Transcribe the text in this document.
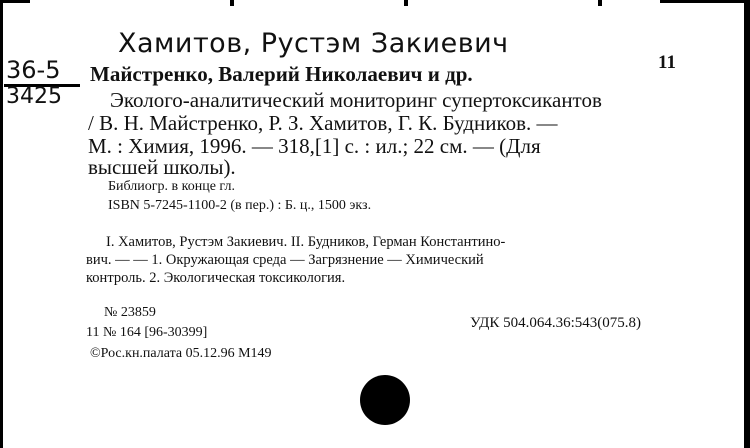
Хамитов, Рустэм Закиевич
36-5
3425
11
Майстренко, Валерий Николаевич и др.
Эколого-аналитический мониторинг супертоксикантов
/ В. Н. Майстренко, Р. З. Хамитов, Г. К. Будников. —
М. : Химия, 1996. — 318,[1] с. : ил.; 22 см. — (Для
высшей школы).
Библиогр. в конце гл.
ISBN 5-7245-1100-2 (в пер.) : Б. ц., 1500 экз.
I. Хамитов, Рустэм Закиевич. II. Будников, Герман Константино-
вич. — — 1. Окружающая среда — Загрязнение — Химический
контроль. 2. Экологическая токсикология.
№ 23859
11 № 164 [96-30399]
УДК 504.064.36:543(075.8)
©Рос.кн.палата 05.12.96 М149
